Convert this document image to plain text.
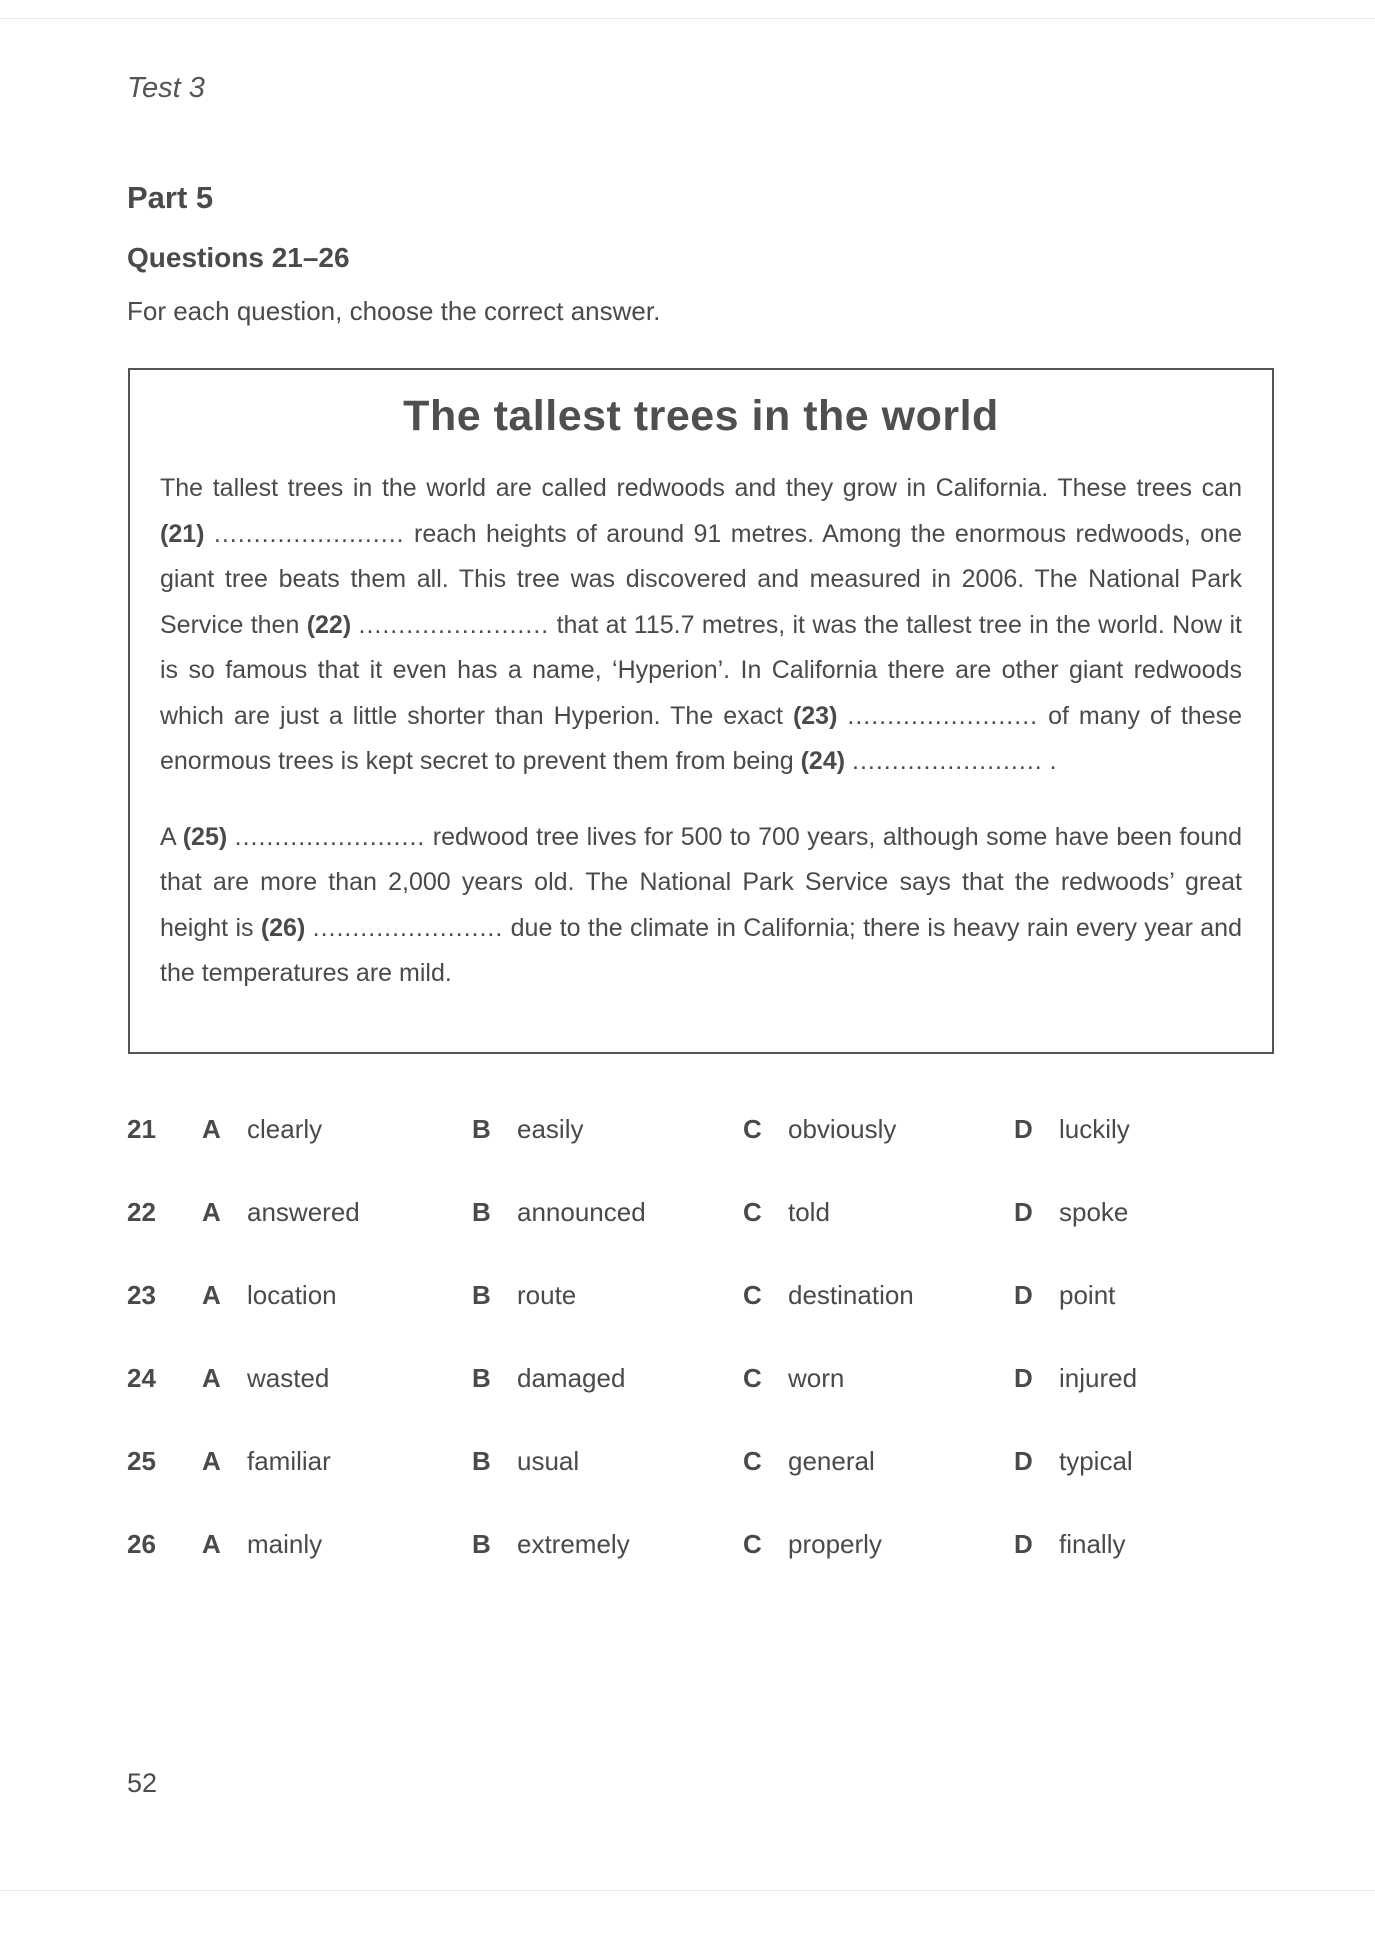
Test 3
Part 5
Questions 21–26
For each question, choose the correct answer.
The tallest trees in the world

The tallest trees in the world are called redwoods and they grow in California. These trees can (21) ........................ reach heights of around 91 metres. Among the enormous redwoods, one giant tree beats them all. This tree was discovered and measured in 2006. The National Park Service then (22) ........................ that at 115.7 metres, it was the tallest tree in the world. Now it is so famous that it even has a name, ‘Hyperion’. In California there are other giant redwoods which are just a little shorter than Hyperion. The exact (23) ........................ of many of these enormous trees is kept secret to prevent them from being (24) ........................ .

A (25) ........................ redwood tree lives for 500 to 700 years, although some have been found that are more than 2,000 years old. The National Park Service says that the redwoods’ great height is (26) ........................ due to the climate in California; there is heavy rain every year and the temperatures are mild.

21 A clearly	B easily	C obviously	D luckily
22 A answered	B announced	C told	D spoke
23 A location	B route	C destination	D point
24 A wasted	B damaged	C worn	D injured
25 A familiar	B usual	C general	D typical
26 A mainly	B extremely	C properly	D finally
52
